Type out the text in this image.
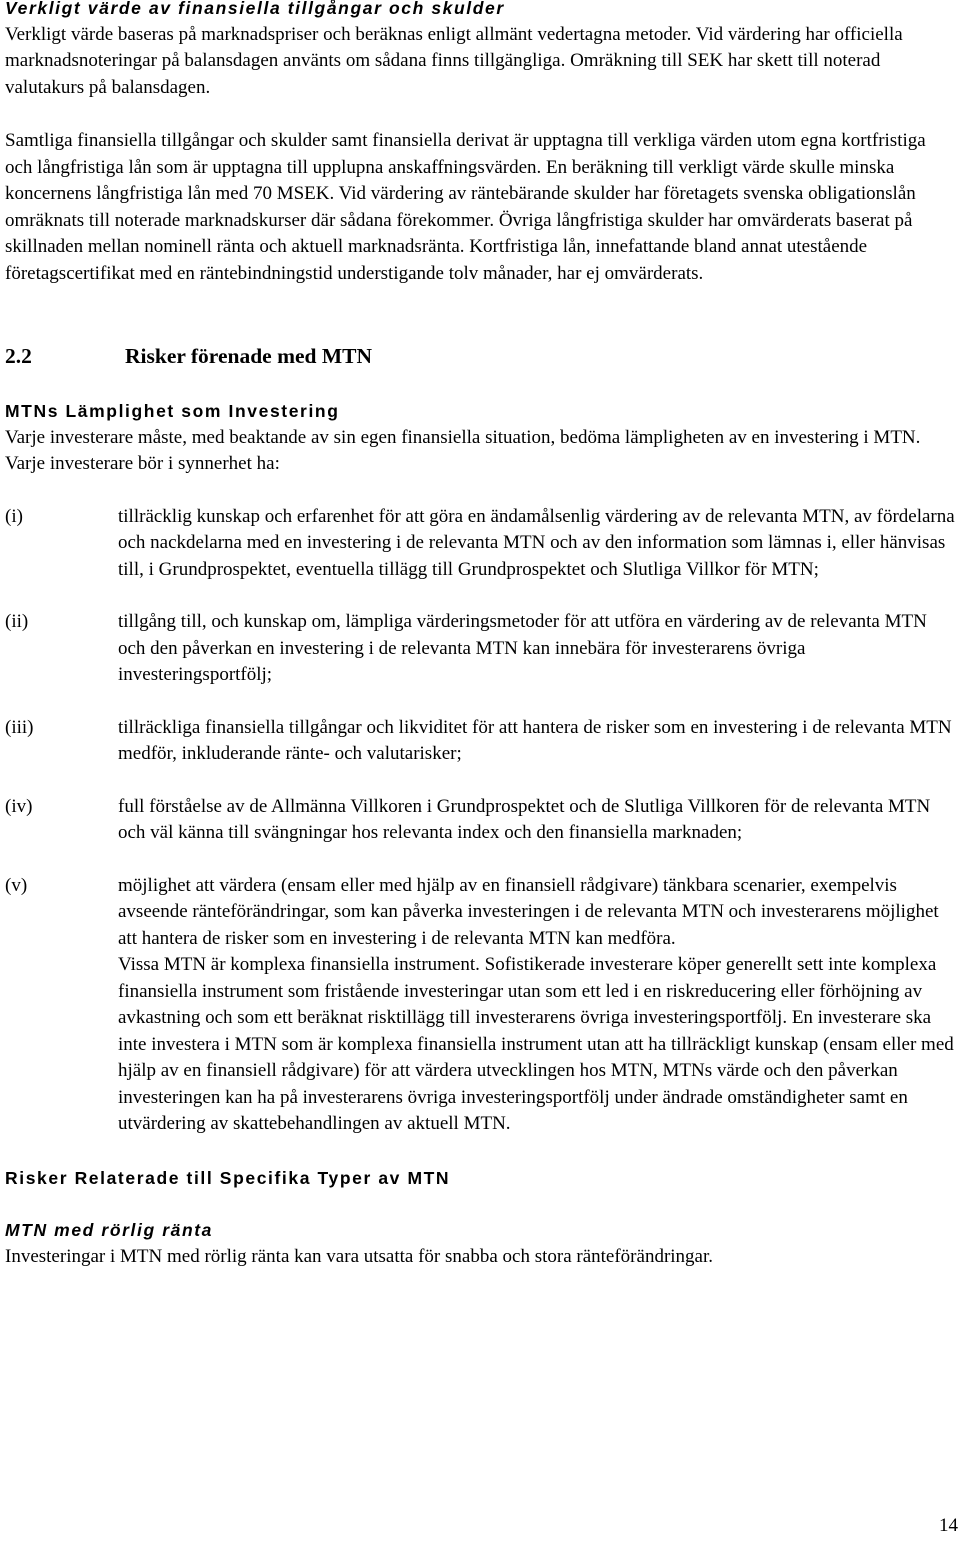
Verkligt värde av finansiella tillgångar och skulder

Verkligt värde baseras på marknadspriser och beräknas enligt allmänt vedertagna metoder. Vid värdering har officiella marknadsnoteringar på balansdagen använts om sådana finns tillgängliga. Omräkning till SEK har skett till noterad valutakurs på balansdagen.

Samtliga finansiella tillgångar och skulder samt finansiella derivat är upptagna till verkliga värden utom egna kortfristiga och långfristiga lån som är upptagna till upplupna anskaffningsvärden. En beräkning till verkligt värde skulle minska koncernens långfristiga lån med 70 MSEK. Vid värdering av räntebärande skulder har företagets svenska obligationslån omräknats till noterade marknadskurser där sådana förekommer. Övriga långfristiga skulder har omvärderats baserat på skillnaden mellan nominell ränta och aktuell marknadsränta. Kortfristiga lån, innefattande bland annat utestående företagscertifikat med en räntebindningstid understigande tolv månader, har ej omvärderats.

2.2	Risker förenade med MTN

MTNs Lämplighet som Investering

Varje investerare måste, med beaktande av sin egen finansiella situation, bedöma lämpligheten av en investering i MTN. Varje investerare bör i synnerhet ha:

(i)	tillräcklig kunskap och erfarenhet för att göra en ändamålsenlig värdering av de relevanta MTN, av fördelarna och nackdelarna med en investering i de relevanta MTN och av den information som lämnas i, eller hänvisas till, i Grundprospektet, eventuella tillägg till Grundprospektet och Slutliga Villkor för MTN;
(ii)	tillgång till, och kunskap om, lämpliga värderingsmetoder för att utföra en värdering av de relevanta MTN och den påverkan en investering i de relevanta MTN kan innebära för investerarens övriga investeringsportfölj;
(iii)	tillräckliga finansiella tillgångar och likviditet för att hantera de risker som en investering i de relevanta MTN medför, inkluderande ränte- och valutarisker;
(iv)	full förståelse av de Allmänna Villkoren i Grundprospektet och de Slutliga Villkoren för de relevanta MTN och väl känna till svängningar hos relevanta index och den finansiella marknaden;
(v)	möjlighet att värdera (ensam eller med hjälp av en finansiell rådgivare) tänkbara scenarier, exempelvis avseende ränteförändringar, som kan påverka investeringen i de relevanta MTN och investerarens möjlighet att hantera de risker som en investering i de relevanta MTN kan medföra.
Vissa MTN är komplexa finansiella instrument. Sofistikerade investerare köper generellt sett inte komplexa finansiella instrument som fristående investeringar utan som ett led i en riskreducering eller förhöjning av avkastning och som ett beräknat risktillägg till investerarens övriga investeringsportfölj. En investerare ska inte investera i MTN som är komplexa finansiella instrument utan att ha tillräckligt kunskap (ensam eller med hjälp av en finansiell rådgivare) för att värdera utvecklingen hos MTN, MTNs värde och den påverkan investeringen kan ha på investerarens övriga investeringsportfölj under ändrade omständigheter samt en utvärdering av skattebehandlingen av aktuell MTN.

Risker Relaterade till Specifika Typer av MTN

MTN med rörlig ränta

Investeringar i MTN med rörlig ränta kan vara utsatta för snabba och stora ränteförändringar.

14
